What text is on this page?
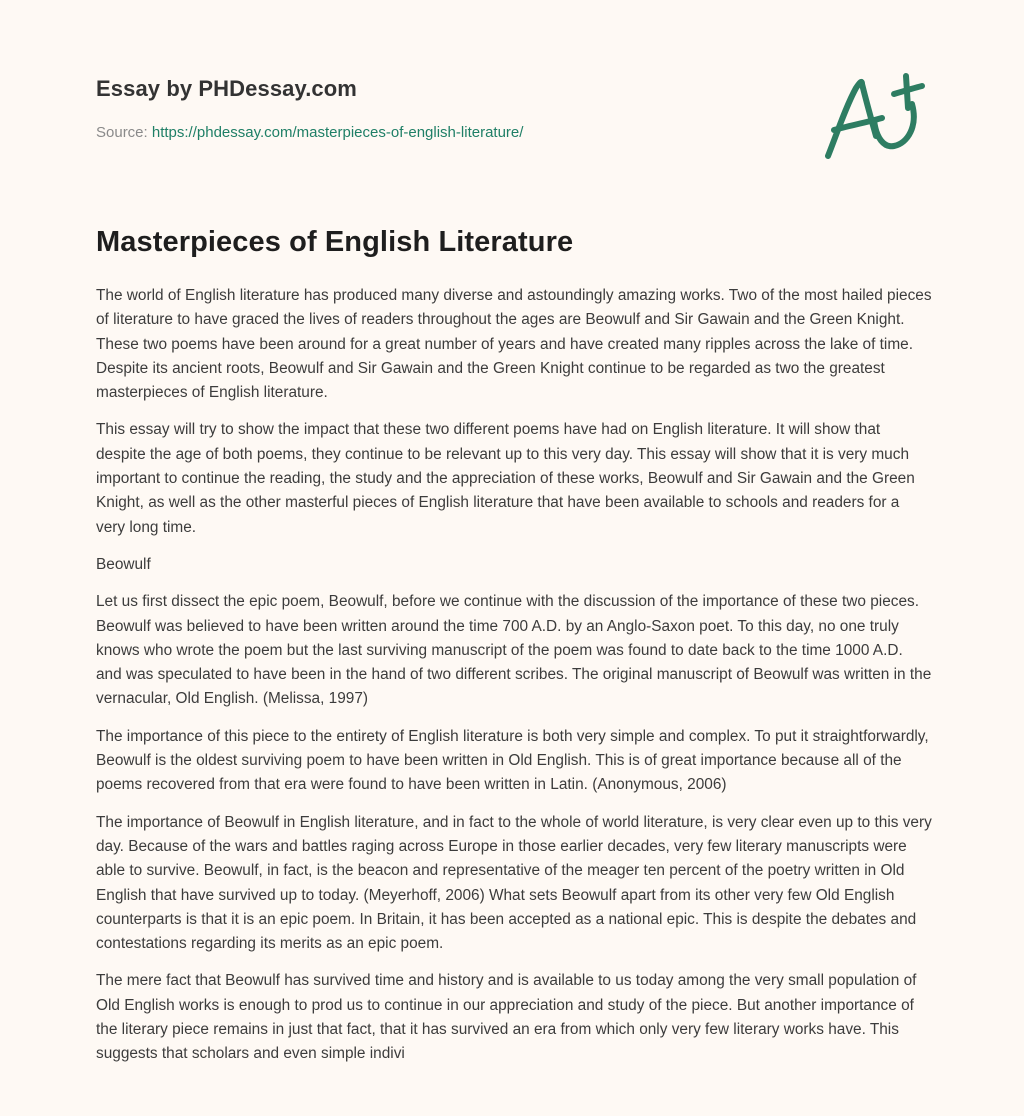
Essay by PHDessay.com
Source: https://phdessay.com/masterpieces-of-english-literature/
Masterpieces of English Literature

The world of English literature has produced many diverse and astoundingly amazing works. Two of the most hailed pieces of literature to have graced the lives of readers throughout the ages are Beowulf and Sir Gawain and the Green Knight. These two poems have been around for a great number of years and have created many ripples across the lake of time. Despite its ancient roots, Beowulf and Sir Gawain and the Green Knight continue to be regarded as two the greatest masterpieces of English literature.

This essay will try to show the impact that these two different poems have had on English literature. It will show that despite the age of both poems, they continue to be relevant up to this very day. This essay will show that it is very much important to continue the reading, the study and the appreciation of these works, Beowulf and Sir Gawain and the Green Knight, as well as the other masterful pieces of English literature that have been available to schools and readers for a very long time.

Beowulf

Let us first dissect the epic poem, Beowulf, before we continue with the discussion of the importance of these two pieces. Beowulf was believed to have been written around the time 700 A.D. by an Anglo-Saxon poet. To this day, no one truly knows who wrote the poem but the last surviving manuscript of the poem was found to date back to the time 1000 A.D. and was speculated to have been in the hand of two different scribes. The original manuscript of Beowulf was written in the vernacular, Old English. (Melissa, 1997)

The importance of this piece to the entirety of English literature is both very simple and complex. To put it straightforwardly, Beowulf is the oldest surviving poem to have been written in Old English. This is of great importance because all of the poems recovered from that era were found to have been written in Latin. (Anonymous, 2006)

The importance of Beowulf in English literature, and in fact to the whole of world literature, is very clear even up to this very day. Because of the wars and battles raging across Europe in those earlier decades, very few literary manuscripts were able to survive. Beowulf, in fact, is the beacon and representative of the meager ten percent of the poetry written in Old English that have survived up to today. (Meyerhoff, 2006) What sets Beowulf apart from its other very few Old English counterparts is that it is an epic poem. In Britain, it has been accepted as a national epic. This is despite the debates and contestations regarding its merits as an epic poem.

The mere fact that Beowulf has survived time and history and is available to us today among the very small population of Old English works is enough to prod us to continue in our appreciation and study of the piece. But another importance of the literary piece remains in just that fact, that it has survived an era from which only very few literary works have. This suggests that scholars and even simple indivi
